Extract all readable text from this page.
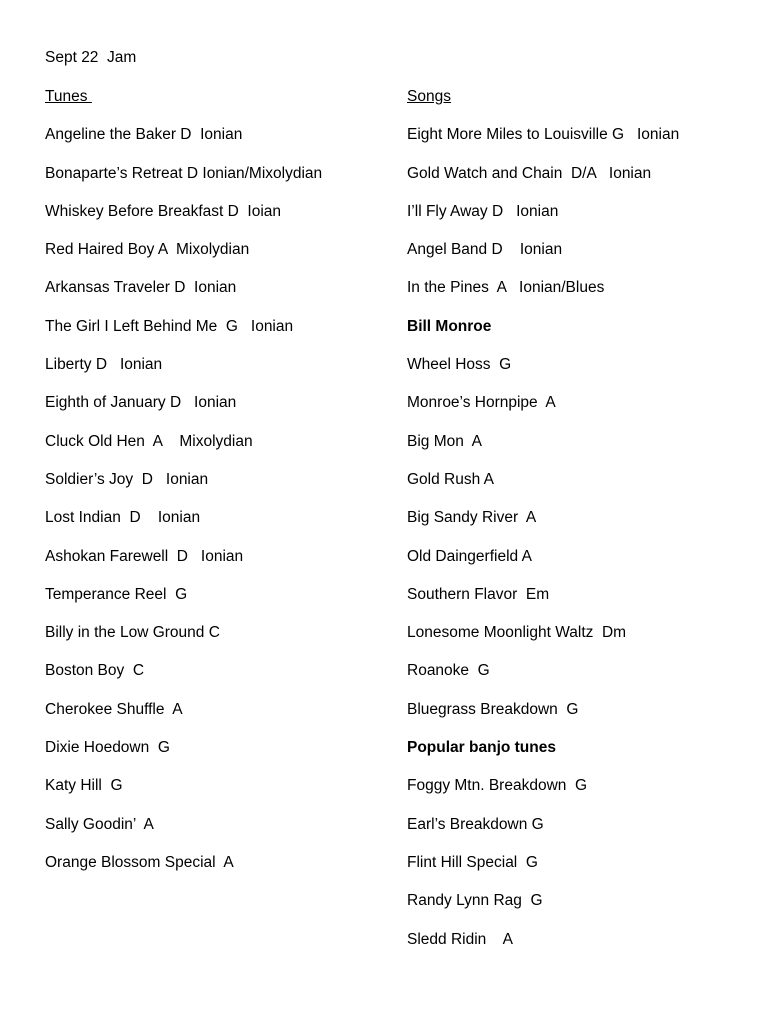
Sept 22  Jam
Tunes
Angeline the Baker D  Ionian
Bonaparte’s Retreat D Ionian/Mixolydian
Whiskey Before Breakfast D  Ioian
Red Haired Boy A  Mixolydian
Arkansas Traveler D  Ionian
The Girl I Left Behind Me  G   Ionian
Liberty D   Ionian
Eighth of January D   Ionian
Cluck Old Hen  A    Mixolydian
Soldier’s Joy  D   Ionian
Lost Indian  D    Ionian
Ashokan Farewell  D   Ionian
Temperance Reel  G
Billy in the Low Ground C
Boston Boy  C
Cherokee Shuffle  A
Dixie Hoedown  G
Katy Hill  G
Sally Goodin’  A
Orange Blossom Special  A
Songs
Eight More Miles to Louisville G   Ionian
Gold Watch and Chain  D/A   Ionian
I’ll Fly Away D   Ionian
Angel Band D    Ionian
In the Pines  A   Ionian/Blues
Bill Monroe
Wheel Hoss  G
Monroe’s Hornpipe  A
Big Mon  A
Gold Rush A
Big Sandy River  A
Old Daingerfield A
Southern Flavor  Em
Lonesome Moonlight Waltz  Dm
Roanoke  G
Bluegrass Breakdown  G
Popular banjo tunes
Foggy Mtn. Breakdown  G
Earl’s Breakdown G
Flint Hill Special  G
Randy Lynn Rag  G
Sledd Ridin    A
